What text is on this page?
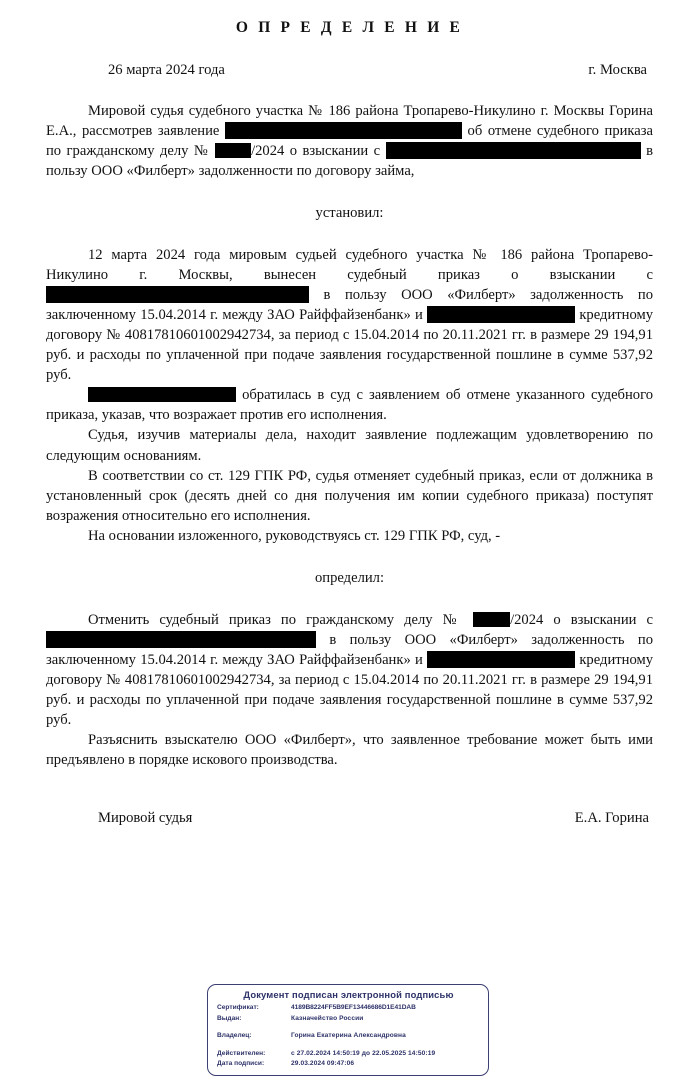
О П Р Е Д Е Л Е Н И Е
26 марта 2024 года	г. Москва

Мировой судья судебного участка № 186 района Тропарево-Никулино г. Москвы Горина Е.А., рассмотрев заявление	об отмене судебного приказа по гражданскому делу №	/2024 о взыскании с	в пользу ООО «Филберт» задолженности по договору займа,

установил:

12 марта 2024 года мировым судьей судебного участка № 186 района Тропарево-Никулино г. Москвы, вынесен судебный приказ о взыскании с  в пользу ООО «Филберт» задолженность по заключенному 15.04.2014 г. между ЗАО Райффайзенбанк» и	кредитному договору № 40817810601002942734, за период с 15.04.2014 по 20.11.2021 гг. в размере 29 194,91 руб. и расходы по уплаченной при подаче заявления государственной пошлине в сумме 537,92 руб.

обратилась в суд с заявлением об отмене указанного судебного приказа, указав, что возражает против его исполнения.

Судья, изучив материалы дела, находит заявление подлежащим удовлетворению по следующим основаниям.

В соответствии со ст. 129 ГПК РФ, судья отменяет судебный приказ, если от должника в установленный срок (десять дней со дня получения им копии судебного приказа) поступят возражения относительно его исполнения.

На основании изложенного, руководствуясь ст. 129 ГПК РФ, суд, -

определил:

Отменить судебный приказ по гражданскому делу №	/2024 о взыскании с  в пользу ООО «Филберт» задолженность по заключенному 15.04.2014 г. между ЗАО Райффайзенбанк» и	кредитному договору № 40817810601002942734, за период с 15.04.2014 по 20.11.2021 гг. в размере 29 194,91 руб. и расходы по уплаченной при подаче заявления государственной пошлине в сумме 537,92 руб.

Разъяснить взыскателю ООО «Филберт», что заявленное требование может быть ими предъявлено в порядке искового производства.

Мировой судья	Е.А. Горина
Документ подписан электронной подписью
Сертификат:	4189B8224FF5B9EF13446686D1E41DAB
Выдан:	Казначейство России

Владелец:	Горина Екатерина Александровна

Действителен:	с 27.02.2024 14:50:19 до 22.05.2025 14:50:19
Дата подписи:	29.03.2024 09:47:06
